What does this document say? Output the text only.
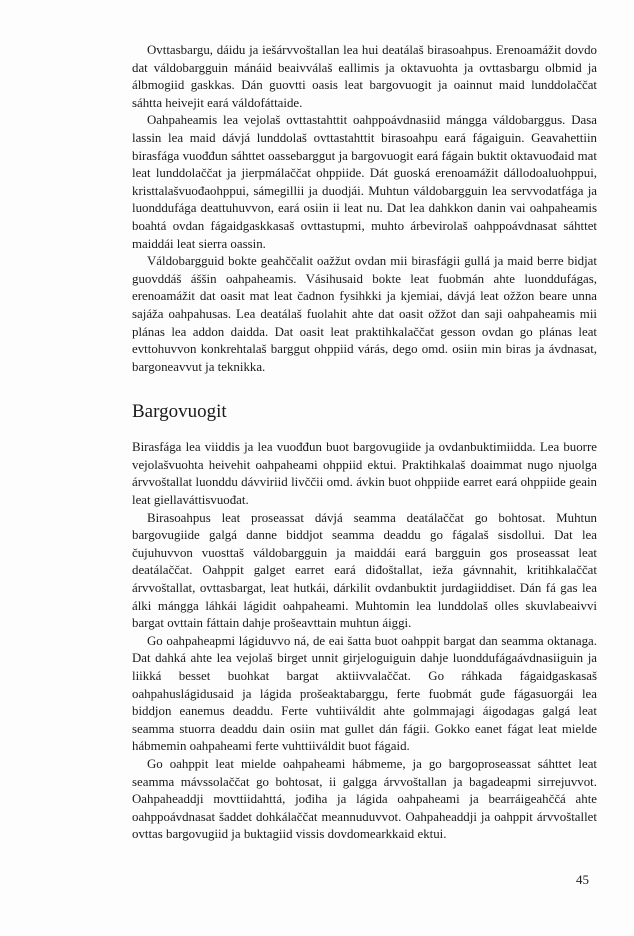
Ovttasbargu, dáidu ja iešárvvoštallan lea hui deatálaš birasoahpus. Erenoamážit dovdo dat váldobargguin mánáid beaivválaš eallimis ja oktavuohta ja ovttasbargu olbmid ja álbmogiid gaskkas. Dán guovtti oasis leat bargovuogit ja oainnut maid lunddolaččat sáhtta heivejit eará váldofáttaide.

Oahpaheamis lea vejolaš ovttastahttit oahppoávdnasiid mángga váldobarggus. Dasa lassin lea maid dávjá lunddolaš ovttastahttit birasoahpu eará fágaiguin. Geavahettiin birasfága vuođđun sáhttet oassebarggut ja bargovuogit eará fágain buktit oktavuođaid mat leat lunddolaččat ja jierpmálaččat ohppiide. Dát guoská erenoamážit dállodoaluohppui, kristtalašvuođaohppui, sámegillii ja duodjái. Muhtun váldobargguin lea servvodatfága ja luonddufága deattuhuvvon, eará osiin ii leat nu. Dat lea dahkkon danin vai oahpaheamis boahtá ovdan fágaidgaskkasaš ovttastupmi, muhto árbevirolaš oahppoávdnasat sáhttet maiddái leat sierra oassin.

Váldobargguid bokte geahččalit oažžut ovdan mii birasfágii gullá ja maid berre bidjat guovddáš áššin oahpaheamis. Vásihusaid bokte leat fuobmán ahte luonddufágas, erenoamážit dat oasit mat leat čadnon fysihkki ja kjemiai, dávjá leat ožžon beare unna sajáža oahpahusas. Lea deatálaš fuolahit ahte dat oasit ožžot dan saji oahpaheamis mii plánas lea addon daidda. Dat oasit leat praktihkalaččat gesson ovdan go plánas leat evttohuvvon konkrehtalaš barggut ohppiid várás, dego omd. osiin min biras ja ávdnasat, bargoneavvut ja teknikka.

Bargovuogit

Birasfága lea viiddis ja lea vuođđun buot bargovugiide ja ovdanbuktimiidda. Lea buorre vejolašvuohta heivehit oahpaheami ohppiid ektui. Praktihkalaš doaimmat nugo njuolga árvvoštallat luonddu dávviriid livččii omd. ávkin buot ohppiide earret eará ohppiide geain leat giellaváttisvuođat.

Birasoahpus leat proseassat dávjá seamma deatálaččat go bohtosat. Muhtun bargovugiide galgá danne biddjot seamma deaddu go fágalaš sisdollui. Dat lea čujuhuvvon vuosttaš váldobargguin ja maiddái eará bargguin gos proseassat leat deatálaččat. Oahppit galget earret eará diđoštallat, ieža gávnnahit, kritihkalaččat árvvoštallat, ovttasbargat, leat hutkái, dárkilit ovdanbuktit jurdagiiddiset. Dán fá gas lea álki mángga láhkái lágidit oahpaheami. Muhtomin lea lunddolaš olles skuvlabeaivvi bargat ovttain fáttain dahje prošeavttain muhtun áiggi.

Go oahpaheapmi lágiduvvo ná, de eai šatta buot oahppit bargat dan seamma oktanaga. Dat dahká ahte lea vejolaš birget unnit girjeloguiguin dahje luonddufágaávdnasiiguin ja liikká besset buohkat bargat aktiivvalaččat. Go ráhkada fágaidgaskasaš oahpahuslágidusaid ja lágida prošeaktabarggu, ferte fuobmát guđe fágasuorgái lea biddjon eanemus deaddu. Ferte vuhtiiváldit ahte golmmajagi áigodagas galgá leat seamma stuorra deaddu dain osiin mat gullet dán fágii. Gokko eanet fágat leat mielde hábmemin oahpaheami ferte vuhttiiváldit buot fágaid.

Go oahppit leat mielde oahpaheami hábmeme, ja go bargoproseassat sáhttet leat seamma mávssolaččat go bohtosat, ii galgga árvvoštallan ja bagadeapmi sirrejuvvot. Oahpaheaddji movttiidahttá, jođiha ja lágida oahpaheami ja bearráigeahččá ahte oahppoávdnasat šaddet dohkálaččat meannuduvvot. Oahpaheaddji ja oahppit árvvoštallet ovttas bargovugiid ja buktagiid vissis dovdomearkkaid ektui.

45
